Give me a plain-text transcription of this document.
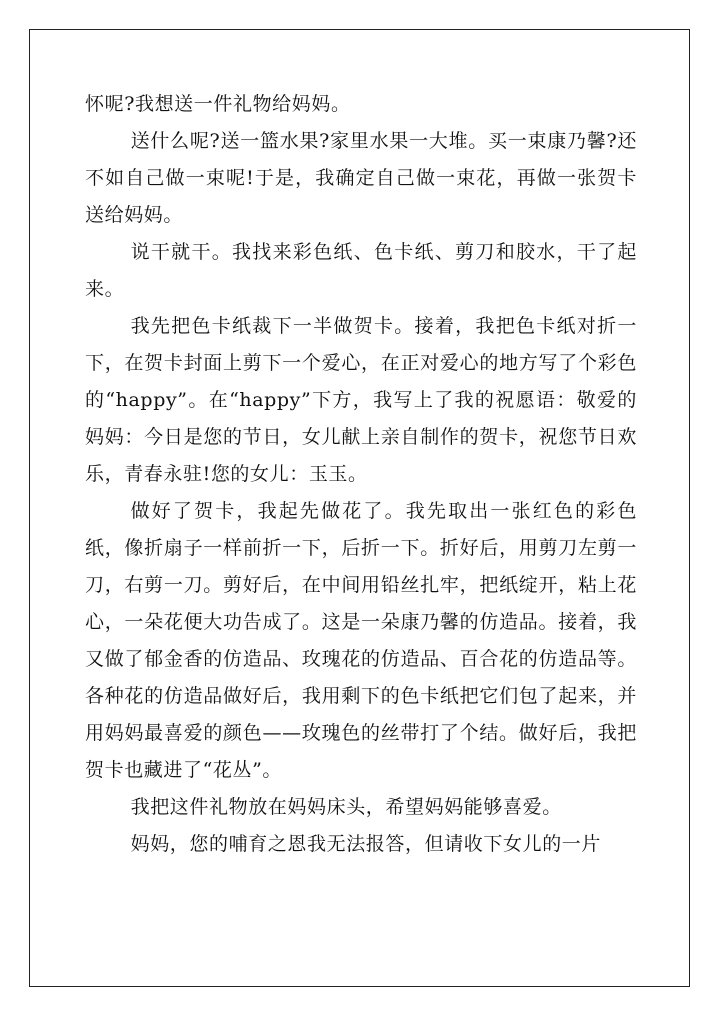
怀呢?我想送一件礼物给妈妈。

送什么呢?送一篮水果?家里水果一大堆。买一束康乃馨?还不如自己做一束呢!于是，我确定自己做一束花，再做一张贺卡送给妈妈。

说干就干。我找来彩色纸、色卡纸、剪刀和胶水，干了起来。

我先把色卡纸裁下一半做贺卡。接着，我把色卡纸对折一下，在贺卡封面上剪下一个爱心，在正对爱心的地方写了个彩色的“happy”。在“happy”下方，我写上了我的祝愿语：敬爱的妈妈：今日是您的节日，女儿献上亲自制作的贺卡，祝您节日欢乐，青春永驻!您的女儿：玉玉。

做好了贺卡，我起先做花了。我先取出一张红色的彩色纸，像折扇子一样前折一下，后折一下。折好后，用剪刀左剪一刀，右剪一刀。剪好后，在中间用铅丝扎牢，把纸绽开，粘上花心，一朵花便大功告成了。这是一朵康乃馨的仿造品。接着，我又做了郁金香的仿造品、玫瑰花的仿造品、百合花的仿造品等。各种花的仿造品做好后，我用剩下的色卡纸把它们包了起来，并用妈妈最喜爱的颜色——玫瑰色的丝带打了个结。做好后，我把贺卡也藏进了“花丛”。

我把这件礼物放在妈妈床头，希望妈妈能够喜爱。

妈妈，您的哺育之恩我无法报答，但请收下女儿的一片
